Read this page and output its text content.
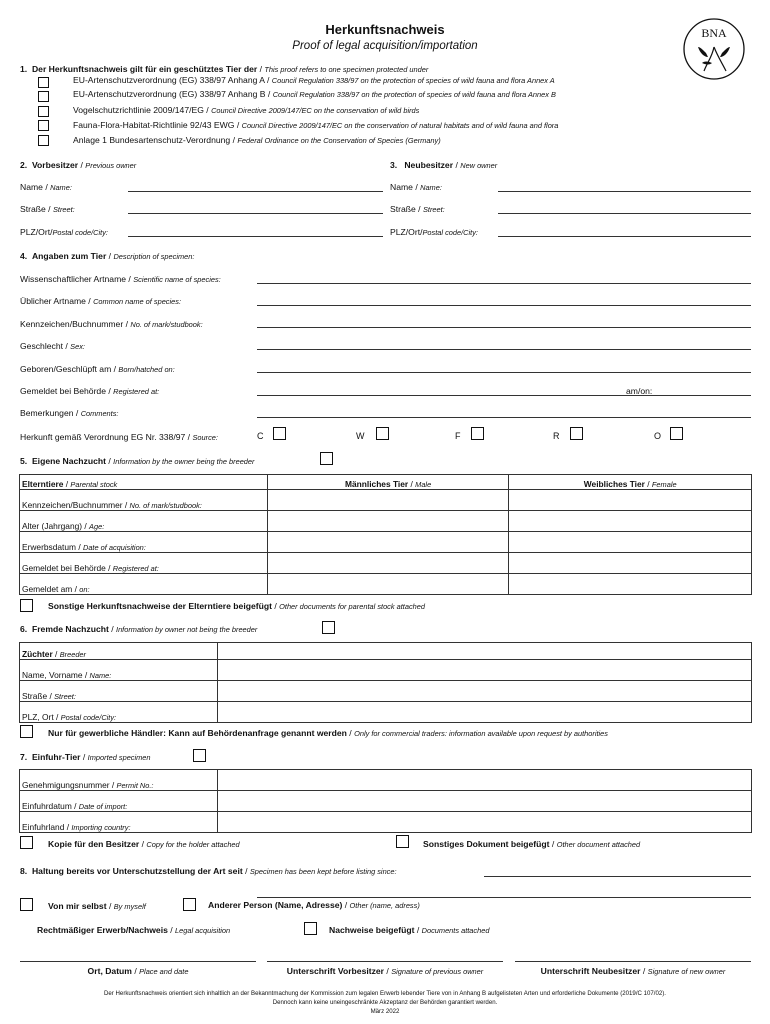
Herkunftsnachweis
Proof of legal acquisition/importation
BNA
1. Der Herkunftsnachweis gilt für ein geschütztes Tier der / This proof refers to one specimen protected under
EU-Artenschutzverordnung (EG) 338/97 Anhang A / Council Regulation 338/97 on the protection of species of wild fauna and flora Annex A
EU-Artenschutzverordnung (EG) 338/97 Anhang B / Council Regulation 338/97 on the protection of species of wild fauna and flora Annex B
Vogelschutzrichtlinie 2009/147/EG / Council Directive 2009/147/EC on the conservation of wild birds
Fauna-Flora-Habitat-Richtlinie 92/43 EWG / Council Directive 2009/147/EC on the conservation of natural habitats and of wild fauna and flora
Anlage 1 Bundesartenschutz-Verordnung / Federal Ordinance on the Conservation of Species (Germany)
2. Vorbesitzer / Previous owner	3. Neubesitzer / New owner
Name / Name:	Name / Name:
Straße / Street:	Straße / Street:
PLZ/Ort/Postal code/City:	PLZ/Ort/Postal code/City:
4. Angaben zum Tier / Description of specimen:
Wissenschaftlicher Artname / Scientific name of species:
Üblicher Artname / Common name of species:
Kennzeichen/Buchnummer / No. of mark/studbook:
Geschlecht / Sex:
Geboren/Geschlüpft am / Born/hatched on:
Gemeldet bei Behörde / Registered at:	am/on:
Bemerkungen / Comments:
Herkunft gemäß Verordnung EG Nr. 338/97 / Source:	C	W	F	R	O
5. Eigene Nachzucht / Information by the owner being the breeder
Elterntiere / Parental stock	Männliches Tier / Male	Weibliches Tier / Female
Kennzeichen/Buchnummer / No. of mark/studbook:		
Alter (Jahrgang) / Age:		
Erwerbsdatum / Date of acquisition:		
Gemeldet bei Behörde / Registered at:		
Gemeldet am / on:		
Sonstige Herkunftsnachweise der Elterntiere beigefügt / Other documents for parental stock attached
6. Fremde Nachzucht / Information by owner not being the breeder
Züchter / Breeder	
Name, Vorname / Name:	
Straße / Street:	
PLZ, Ort / Postal code/City:	
Nur für gewerbliche Händler: Kann auf Behördenanfrage genannt werden / Only for commercial traders: information available upon request by authorities
7. Einfuhr-Tier / Imported specimen
Genehmigungsnummer / Permit No.:	
Einfuhrdatum / Date of import:	
Einfuhrland / Importing country:	
Kopie für den Besitzer / Copy for the holder attached	Sonstiges Dokument beigefügt / Other document attached
8. Haltung bereits vor Unterschutzstellung der Art seit / Specimen has been kept before listing since:
Von mir selbst / By myself	Anderer Person (Name, Adresse) / Other (name, adress)
Rechtmäßiger Erwerb/Nachweis / Legal acquisition	Nachweise beigefügt / Documents attached
Ort, Datum / Place and date	Unterschrift Vorbesitzer / Signature of previous owner	Unterschrift Neubesitzer / Signature of new owner
Der Herkunftsnachweis orientiert sich inhaltlich an der Bekanntmachung der Kommission zum legalen Erwerb lebender Tiere von in Anhang B aufgelisteten Arten und erforderliche Dokumente (2019/C 107/02).
Dennoch kann keine uneingeschränkte Akzeptanz der Behörden garantiert werden.
März 2022
